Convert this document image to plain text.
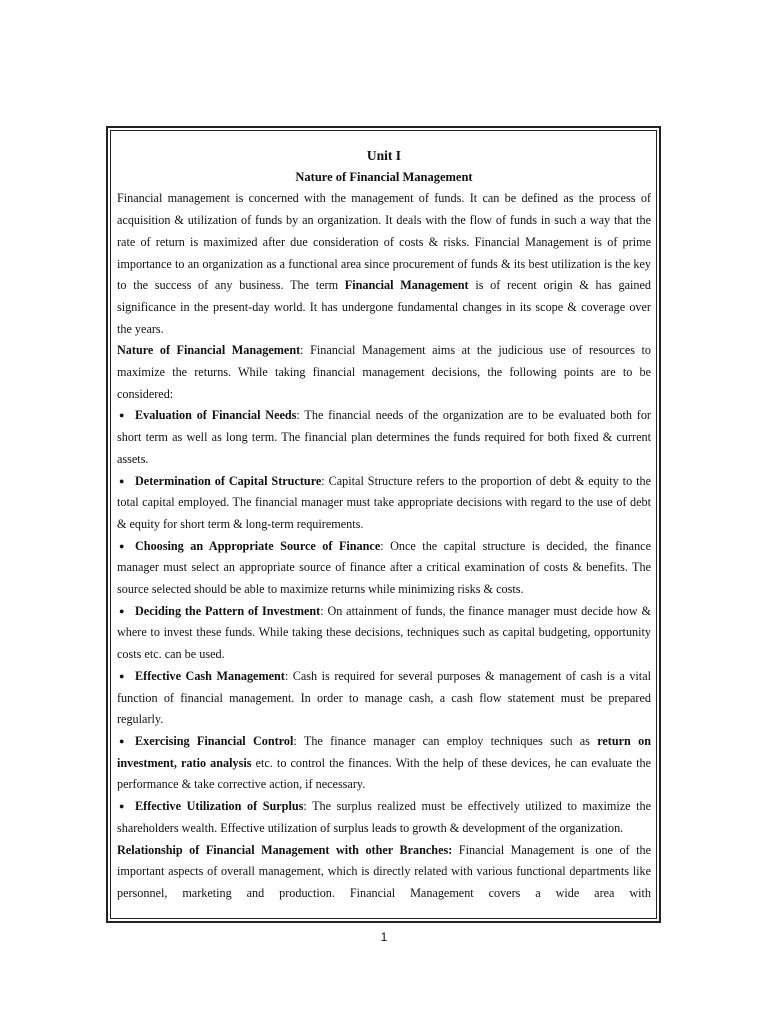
Unit I

Nature of Financial Management

Financial management is concerned with the management of funds. It can be defined as the process of acquisition & utilization of funds by an organization. It deals with the flow of funds in such a way that the rate of return is maximized after due consideration of costs & risks. Financial Management is of prime importance to an organization as a functional area since procurement of funds & its best utilization is the key to the success of any business. The term Financial Management is of recent origin & has gained significance in the present-day world. It has undergone fundamental changes in its scope & coverage over the years.

Nature of Financial Management: Financial Management aims at the judicious use of resources to maximize the returns. While taking financial management decisions, the following points are to be considered:

● Evaluation of Financial Needs: The financial needs of the organization are to be evaluated both for short term as well as long term. The financial plan determines the funds required for both fixed & current assets.

● Determination of Capital Structure: Capital Structure refers to the proportion of debt & equity to the total capital employed. The financial manager must take appropriate decisions with regard to the use of debt & equity for short term & long-term requirements.

● Choosing an Appropriate Source of Finance: Once the capital structure is decided, the finance manager must select an appropriate source of finance after a critical examination of costs & benefits. The source selected should be able to maximize returns while minimizing risks & costs.

● Deciding the Pattern of Investment: On attainment of funds, the finance manager must decide how & where to invest these funds. While taking these decisions, techniques such as capital budgeting, opportunity costs etc. can be used.

● Effective Cash Management: Cash is required for several purposes & management of cash is a vital function of financial management. In order to manage cash, a cash flow statement must be prepared regularly.

● Exercising Financial Control: The finance manager can employ techniques such as return on investment, ratio analysis etc. to control the finances. With the help of these devices, he can evaluate the performance & take corrective action, if necessary.

● Effective Utilization of Surplus: The surplus realized must be effectively utilized to maximize the shareholders wealth. Effective utilization of surplus leads to growth & development of the organization.

Relationship of Financial Management with other Branches: Financial Management is one of the important aspects of overall management, which is directly related with various functional departments like personnel, marketing and production. Financial Management covers a wide area with

1
